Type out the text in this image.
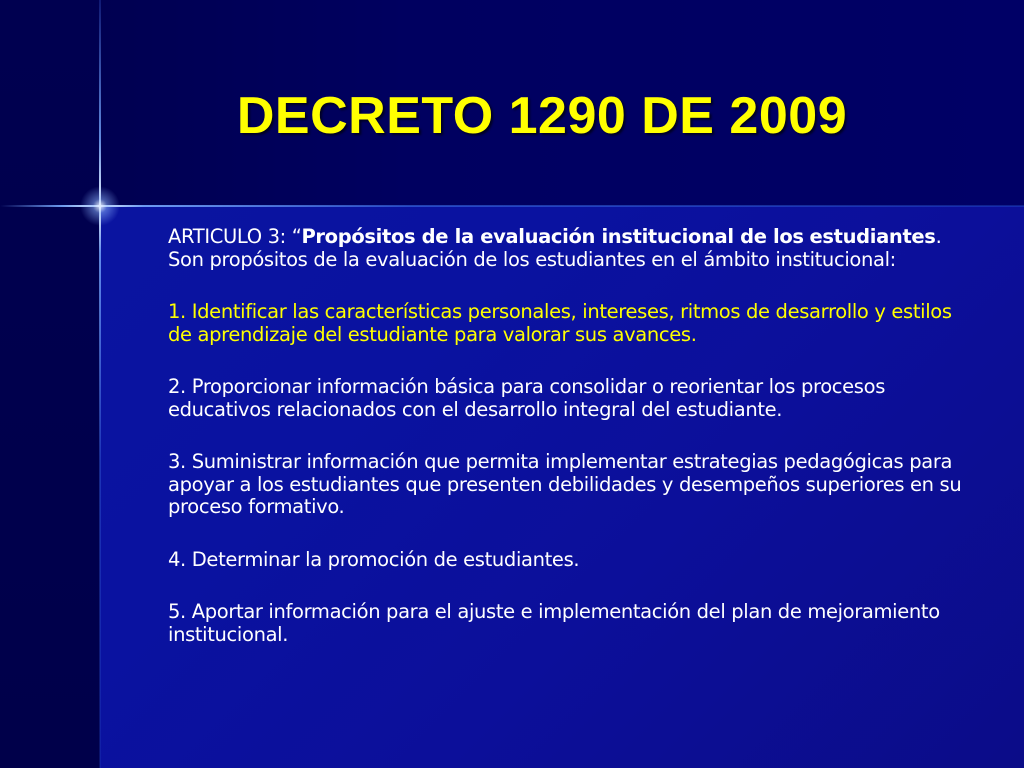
DECRETO 1290 DE 2009

ARTICULO 3: “Propósitos de la evaluación institucional de los estudiantes. Son propósitos de la evaluación de los estudiantes en el ámbito institucional:

1. Identificar las características personales, intereses, ritmos de desarrollo y estilos de aprendizaje del estudiante para valorar sus avances.

2. Proporcionar información básica para consolidar o reorientar los procesos educativos relacionados con el desarrollo integral del estudiante.

3. Suministrar información que permita implementar estrategias pedagógicas para apoyar a los estudiantes que presenten debilidades y desempeños superiores en su proceso formativo.

4. Determinar la promoción de estudiantes.

5. Aportar información para el ajuste e implementación del plan de mejoramiento institucional.
